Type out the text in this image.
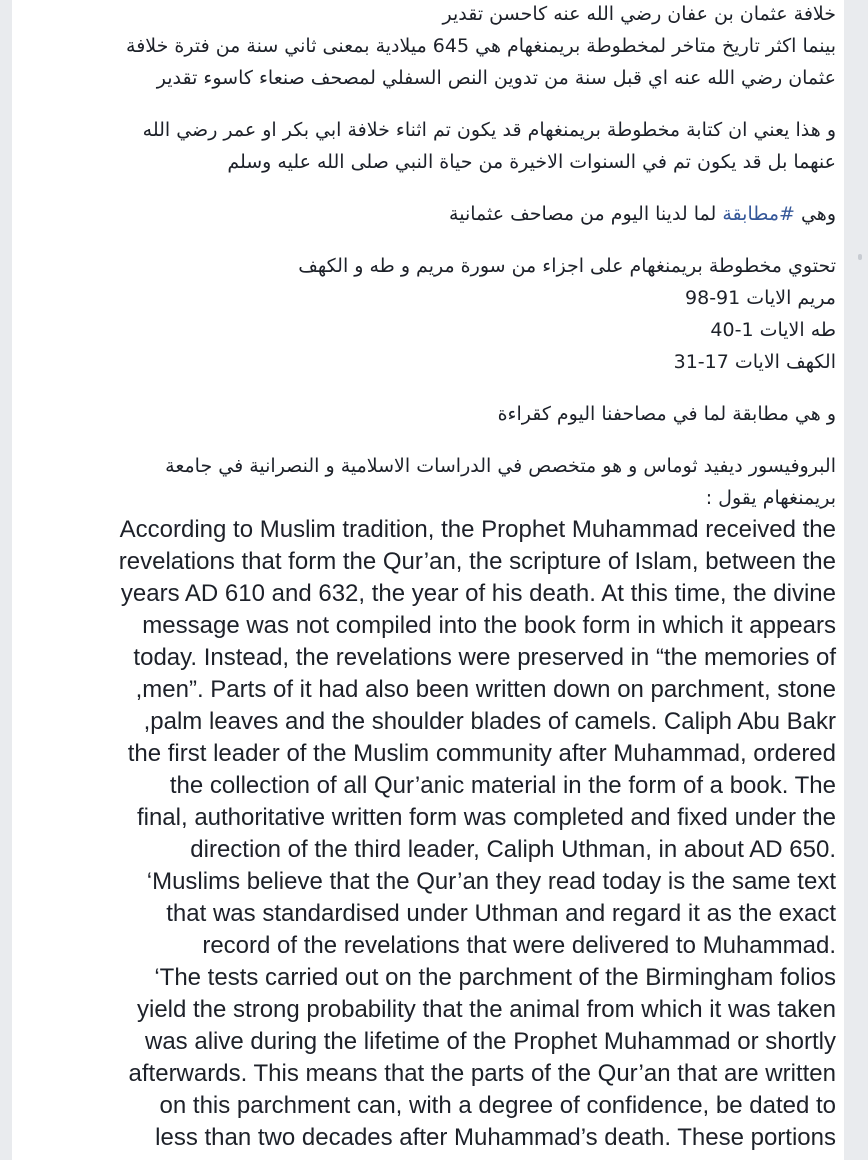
خلافة عثمان بن عفان رضي الله عنه كاحسن تقدير
بينما اكثر تاريخ متاخر لمخطوطة بريمنغهام هي 645 ميلادية بمعنى ثاني سنة من فترة خلافة
عثمان رضي الله عنه اي قبل سنة من تدوين النص السفلي لمصحف صنعاء كاسوء تقدير

و هذا يعني ان كتابة مخطوطة بريمنغهام قد يكون تم اثناء خلافة ابي بكر او عمر رضي الله
عنهما بل قد يكون تم في السنوات الاخيرة من حياة النبي صلى الله عليه وسلم

وهي #مطابقة لما لدينا اليوم من مصاحف عثمانية

تحتوي مخطوطة بريمنغهام على اجزاء من سورة مريم و طه و الكهف
مريم الايات 91-98
طه الايات 1-40
الكهف الايات 17-31

و هي مطابقة لما في مصاحفنا اليوم كقراءة

البروفيسور ديفيد ثوماس و هو متخصص في الدراسات الاسلامية و النصرانية في جامعة
بريمنغهام يقول :

According to Muslim tradition, the Prophet Muhammad received the
revelations that form the Qur’an, the scripture of Islam, between the
years AD 610 and 632, the year of his death. At this time, the divine
message was not compiled into the book form in which it appears
today. Instead, the revelations were preserved in “the memories of
men”. Parts of it had also been written down on parchment, stone,
palm leaves and the shoulder blades of camels. Caliph Abu Bakr,
the first leader of the Muslim community after Muhammad, ordered
the collection of all Qur’anic material in the form of a book. The
final, authoritative written form was completed and fixed under the
.direction of the third leader, Caliph Uthman, in about AD 650
Muslims believe that the Qur’an they read today is the same text‘
that was standardised under Uthman and regard it as the exact
.record of the revelations that were delivered to Muhammad
The tests carried out on the parchment of the Birmingham folios‘
yield the strong probability that the animal from which it was taken
was alive during the lifetime of the Prophet Muhammad or shortly
afterwards. This means that the parts of the Qur’an that are written
on this parchment can, with a degree of confidence, be dated to
less than two decades after Muhammad’s death. These portions
